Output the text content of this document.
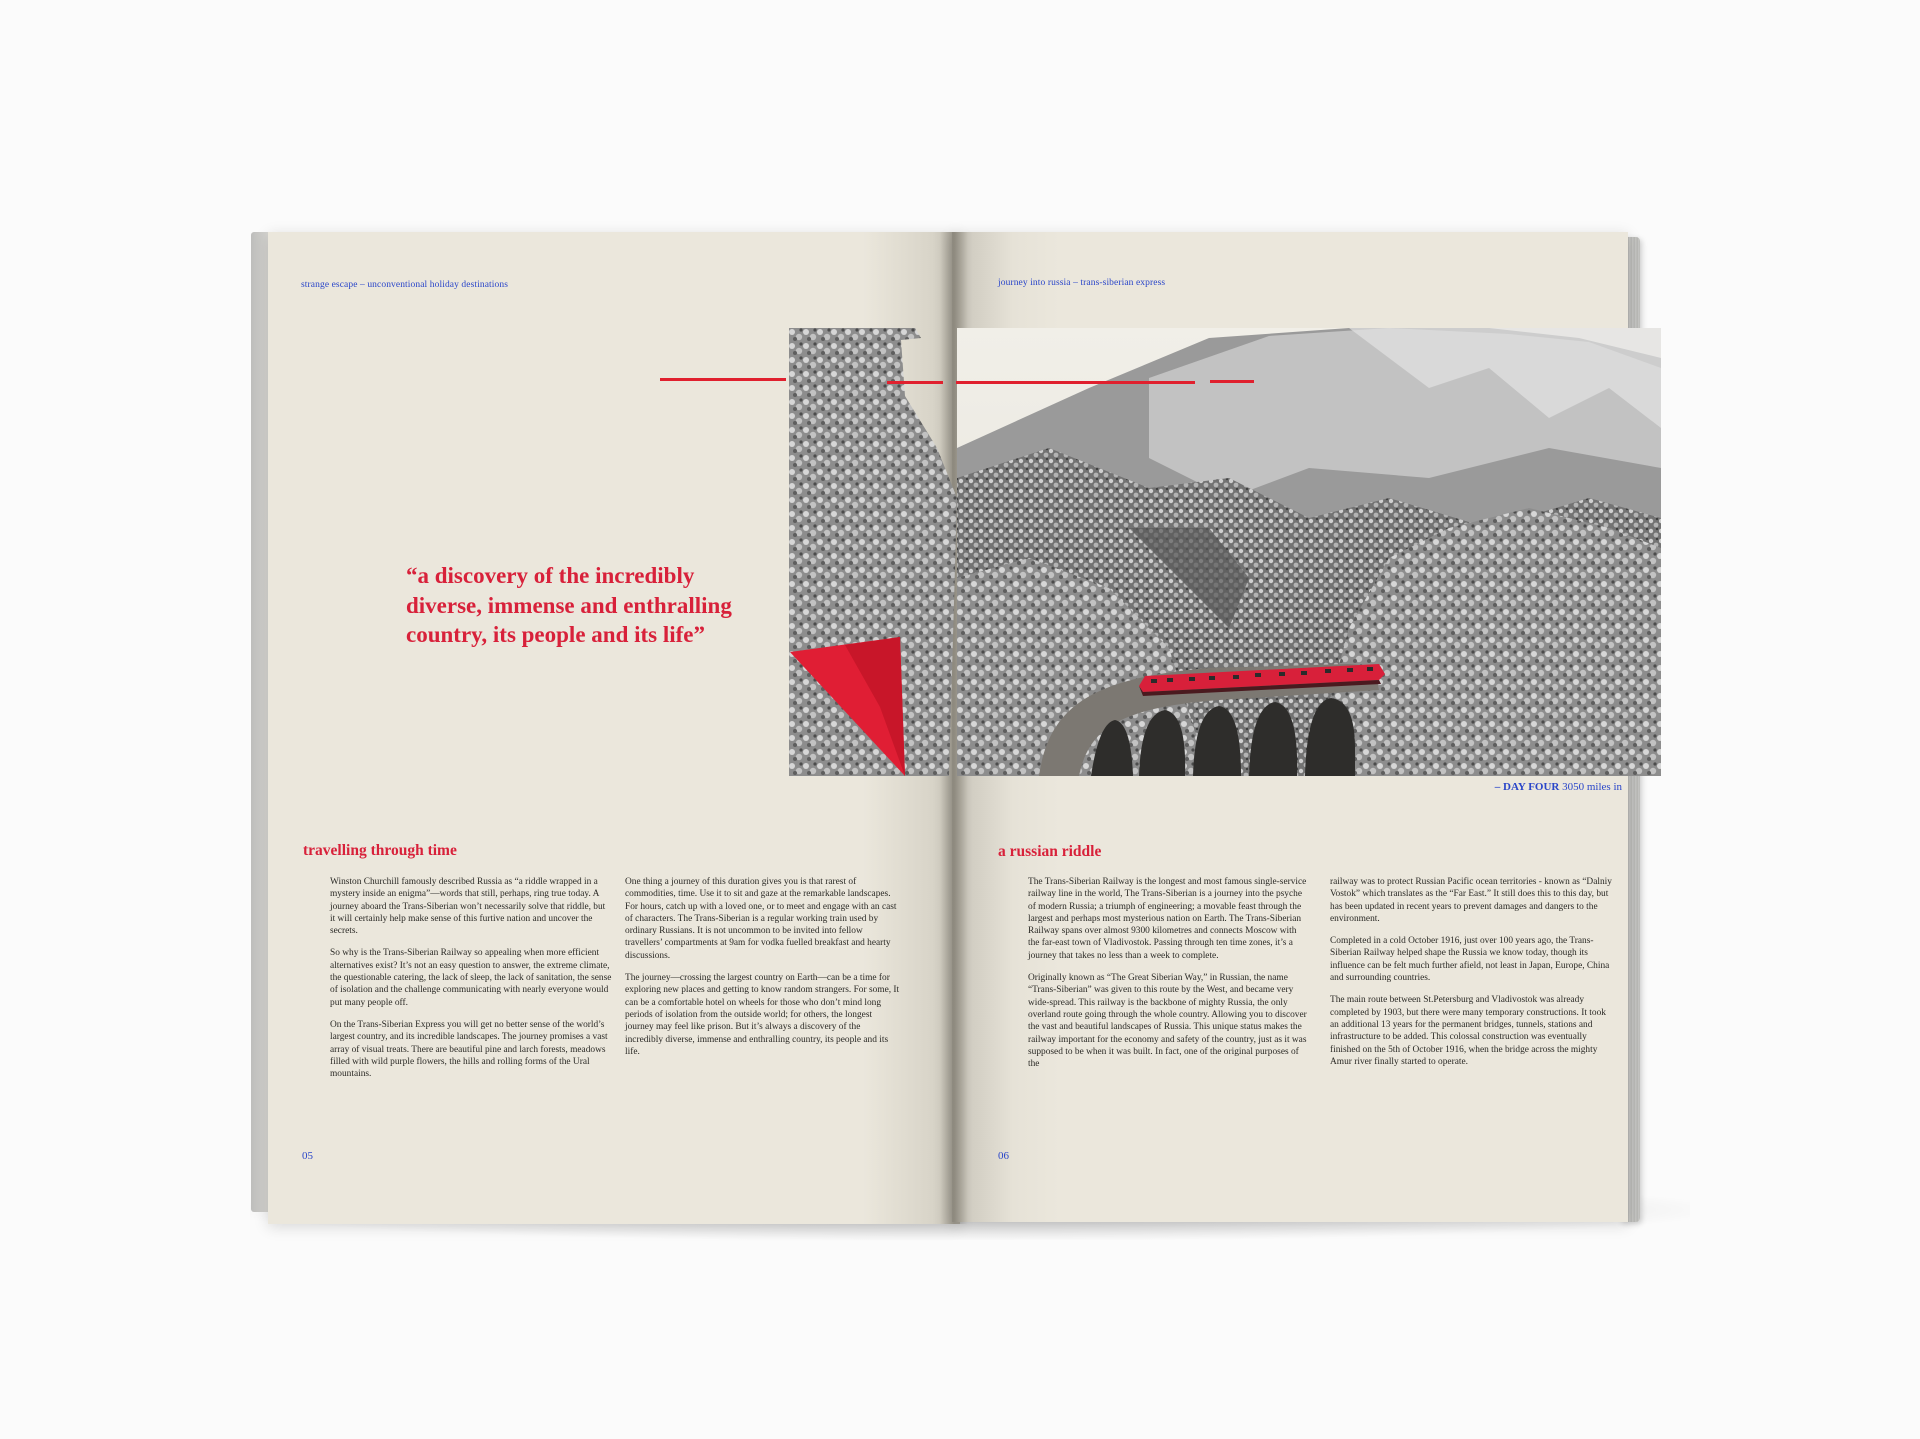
strange escape – unconventional holiday destinations
“a discovery of the incredibly diverse, immense and enthralling country, its people and its life”
travelling through time

Winston Churchill famously described Russia as “a riddle wrapped in a mystery inside an enigma”—words that still, perhaps, ring true today. A journey aboard the Trans-Siberian won’t necessarily solve that riddle, but it will certainly help make sense of this furtive nation and uncover the secrets.

So why is the Trans-Siberian Railway so appealing when more efficient alternatives exist? It’s not an easy question to answer, the extreme climate, the questionable catering, the lack of sleep, the lack of sanitation, the sense of isolation and the challenge communicating with nearly everyone would put many people off.

On the Trans-Siberian Express you will get no better sense of the world’s largest country, and its incredible landscapes. The journey promises a vast array of visual treats. There are beautiful pine and larch forests, meadows filled with wild purple flowers, the hills and rolling forms of the Ural mountains.

One thing a journey of this duration gives you is that rarest of commodities, time. Use it to sit and gaze at the remarkable landscapes. For hours, catch up with a loved one, or to meet and engage with an cast of characters. The Trans-Siberian is a regular working train used by ordinary Russians. It is not uncommon to be invited into fellow travellers’ compartments at 9am for vodka fuelled breakfast and hearty discussions.

The journey—crossing the largest country on Earth—can be a time for exploring new places and getting to know random strangers. For some, It can be a comfortable hotel on wheels for those who don’t mind long periods of isolation from the outside world; for others, the longest journey may feel like prison. But it’s always a discovery of the incredibly diverse, immense and enthralling country, its people and its life.

05
journey into russia – trans-siberian express
– DAY FOUR 3050 miles in
a russian riddle

The Trans-Siberian Railway is the longest and most famous single-service railway line in the world, The Trans-Siberian is a journey into the psyche of modern Russia; a triumph of engineering; a movable feast through the largest and perhaps most mysterious nation on Earth. The Trans-Siberian Railway spans over almost 9300 kilometres and connects Moscow with the far-east town of Vladivostok. Passing through ten time zones, it’s a journey that takes no less than a week to complete.

Originally known as “The Great Siberian Way,” in Russian, the name “Trans-Siberian” was given to this route by the West, and became very wide-spread. This railway is the backbone of mighty Russia, the only overland route going through the whole country. Allowing you to discover the vast and beautiful landscapes of Russia. This unique status makes the railway important for the economy and safety of the country, just as it was supposed to be when it was built. In fact, one of the original purposes of the

railway was to protect Russian Pacific ocean territories - known as “Dalniy Vostok” which translates as the “Far East.” It still does this to this day, but has been updated in recent years to prevent damages and dangers to the environment.

Completed in a cold October 1916, just over 100 years ago, the Trans-Siberian Railway helped shape the Russia we know today, though its influence can be felt much further afield, not least in Japan, Europe, China and surrounding countries.

The main route between St.Petersburg and Vladivostok was already completed by 1903, but there were many temporary constructions. It took an additional 13 years for the permanent bridges, tunnels, stations and infrastructure to be added. This colossal construction was eventually finished on the 5th of October 1916, when the bridge across the mighty Amur river finally started to operate.

06
